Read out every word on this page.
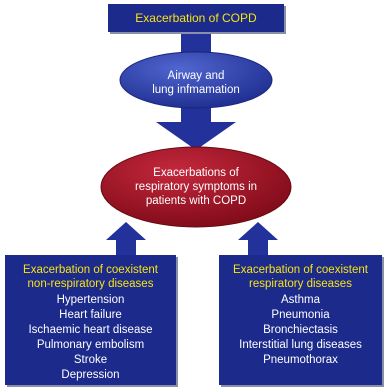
Exacerbation of COPD
Airway and
lung infmamation
Exacerbations of
respiratory symptoms in
patients with COPD
Exacerbation of coexistent
non-respiratory diseases
Hypertension
Heart failure
Ischaemic heart disease
Pulmonary embolism
Stroke
Depression
Exacerbation of coexistent
respiratory diseases
Asthma
Pneumonia
Bronchiectasis
Interstitial lung diseases
Pneumothorax
